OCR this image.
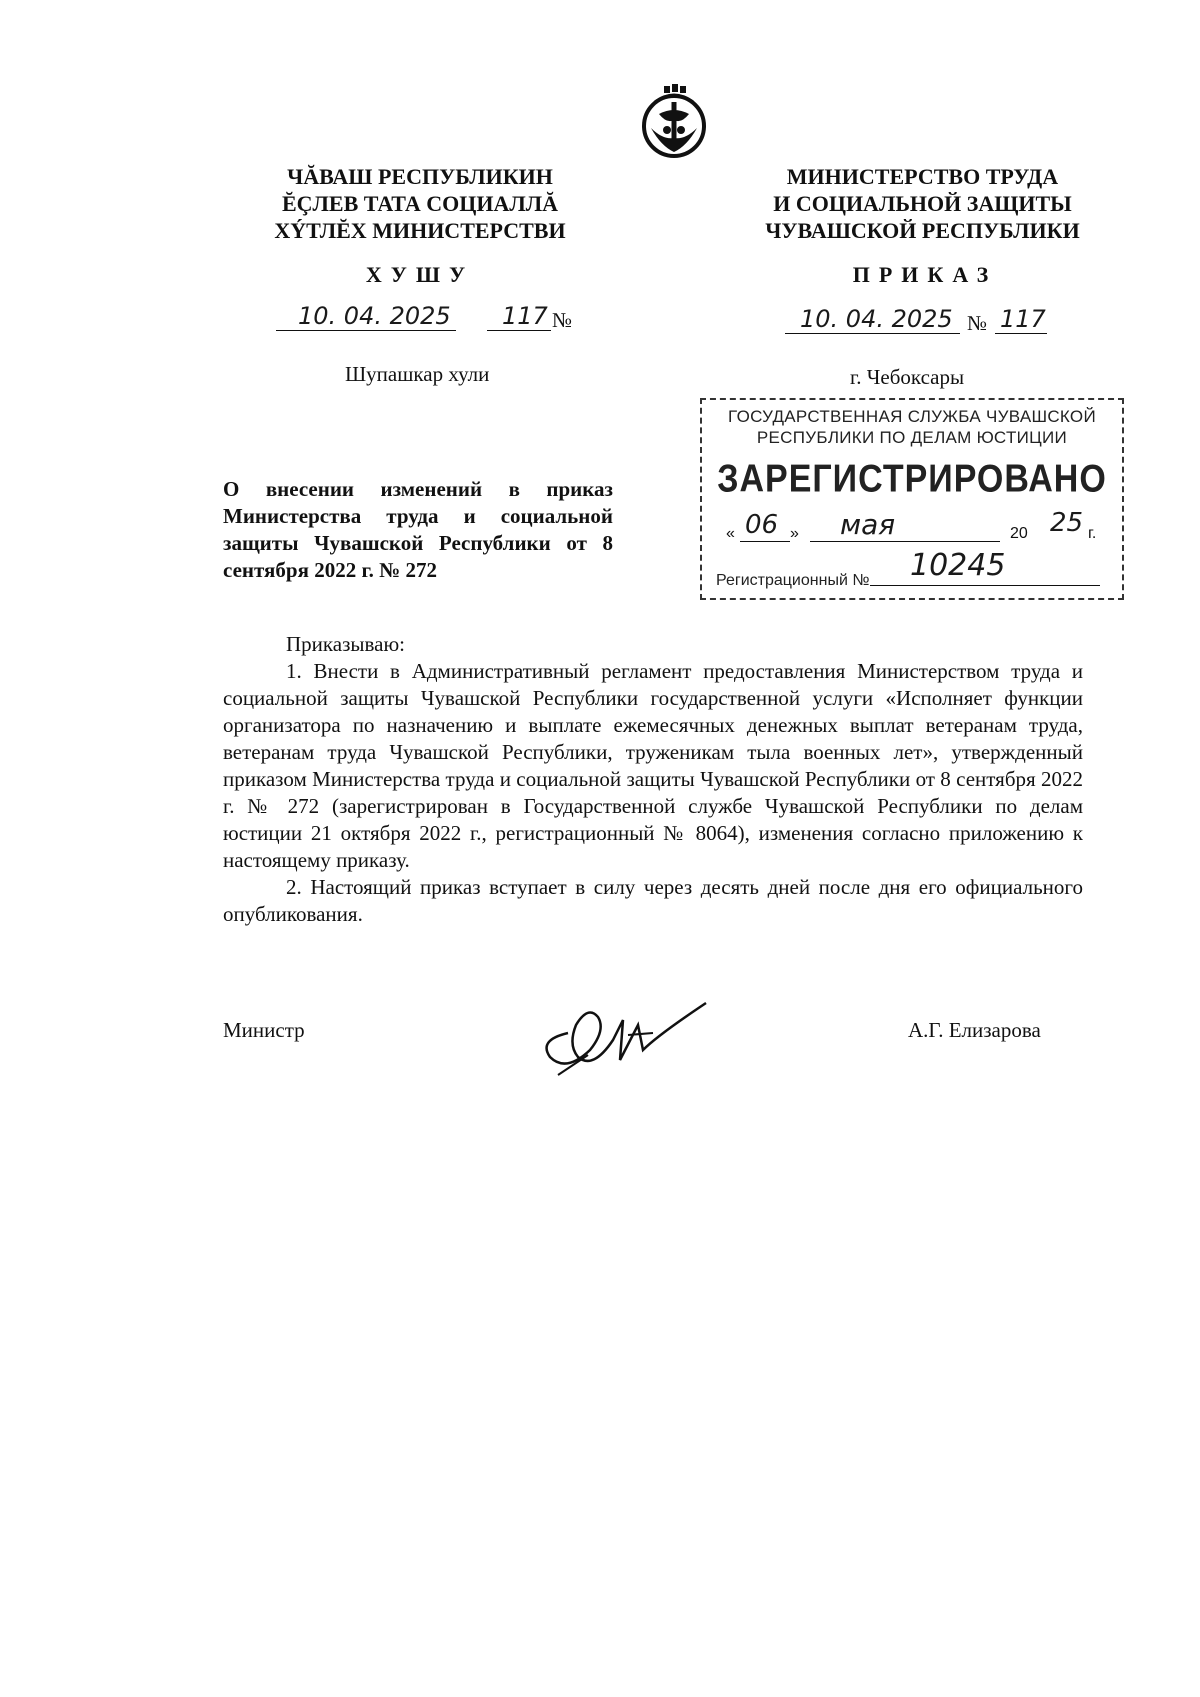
ЧĂВАШ РЕСПУБЛИКИН
ĔÇЛЕВ ТАТА СОЦИАЛЛĂ
ХÝТЛĔХ МИНИСТЕРСТВИ
ХУШУ
10. 04. 2025 117 №
Шупашкар хули
МИНИСТЕРСТВО ТРУДА
И СОЦИАЛЬНОЙ ЗАЩИТЫ
ЧУВАШСКОЙ РЕСПУБЛИКИ
ПРИКАЗ
10. 04. 2025 № 117
г. Чебоксары
ГОСУДАРСТВЕННАЯ СЛУЖБА ЧУВАШСКОЙ
РЕСПУБЛИКИ ПО ДЕЛАМ ЮСТИЦИИ
ЗАРЕГИСТРИРОВАНО
« 06 » мая	20 25 г.
Регистрационный № 10245
О внесении изменений в приказ Министерства труда и социальной защиты Чувашской Республики от 8 сентября 2022 г. № 272

Приказываю:

1. Внести в Административный регламент предоставления Министерством труда и социальной защиты Чувашской Республики государственной услуги «Исполняет функции организатора по назначению и выплате ежемесячных денежных выплат ветеранам труда, ветеранам труда Чувашской Республики, труженикам тыла военных лет», утвержденный приказом Министерства труда и социальной защиты Чувашской Республики от 8 сентября 2022 г. № 272 (зарегистрирован в Государственной службе Чувашской Республики по делам юстиции 21 октября 2022 г., регистрационный № 8064), изменения согласно приложению к настоящему приказу.

2. Настоящий приказ вступает в силу через десять дней после дня его официального опубликования.

Министр	А.Г. Елизарова
